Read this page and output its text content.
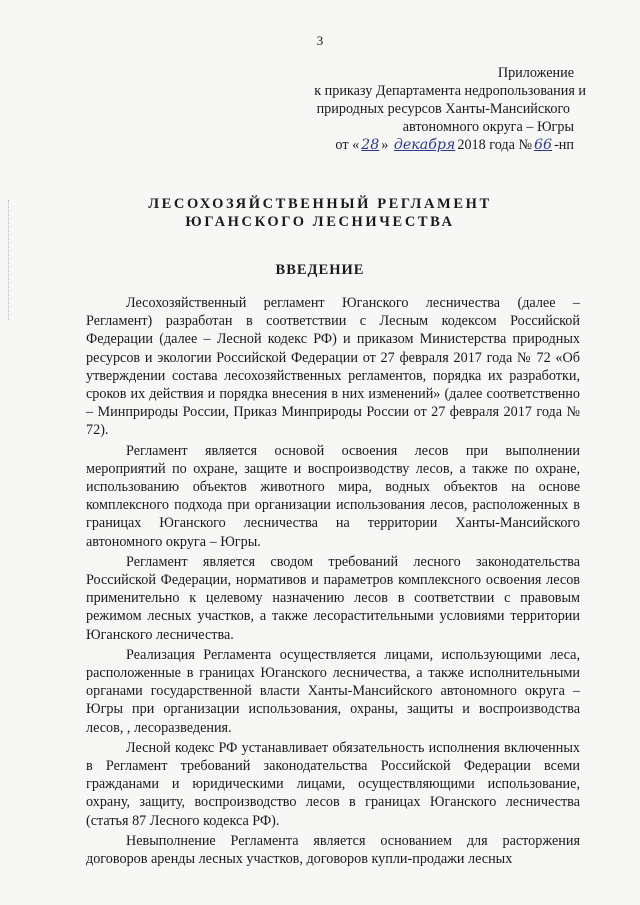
3
Приложение
к приказу Департамента недропользования и
природных ресурсов Ханты-Мансийского
автономного округа – Югры
от « 28 » декабря 2018 года № 66 -нп
ЛЕСОХОЗЯЙСТВЕННЫЙ РЕГЛАМЕНТ
ЮГАНСКОГО ЛЕСНИЧЕСТВА
ВВЕДЕНИЕ

Лесохозяйственный регламент Юганского лесничества (далее – Регламент) разработан в соответствии с Лесным кодексом Российской Федерации (далее – Лесной кодекс РФ) и приказом Министерства природных ресурсов и экологии Российской Федерации от 27 февраля 2017 года № 72 «Об утверждении состава лесохозяйственных регламентов, порядка их разработки, сроков их действия и порядка внесения в них изменений» (далее соответственно – Минприроды России, Приказ Минприроды России от 27 февраля 2017 года № 72).

Регламент является основой освоения лесов при выполнении мероприятий по охране, защите и воспроизводству лесов, а также по охране, использованию объектов животного мира, водных объектов на основе комплексного подхода при организации использования лесов, расположенных в границах Юганского лесничества на территории Ханты-Мансийского автономного округа – Югры.

Регламент является сводом требований лесного законодательства Российской Федерации, нормативов и параметров комплексного освоения лесов применительно к целевому назначению лесов в соответствии с правовым режимом лесных участков, а также лесорастительными условиями территории Юганского лесничества.

Реализация Регламента осуществляется лицами, использующими леса, расположенные в границах Юганского лесничества, а также исполнительными органами государственной власти Ханты-Мансийского автономного округа – Югры при организации использования, охраны, защиты и воспроизводства лесов, , лесоразведения.

Лесной кодекс РФ устанавливает обязательность исполнения включенных в Регламент требований законодательства Российской Федерации всеми гражданами и юридическими лицами, осуществляющими использование, охрану, защиту, воспроизводство лесов в границах Юганского лесничества (статья 87 Лесного кодекса РФ).

Невыполнение Регламента является основанием для расторжения договоров аренды лесных участков, договоров купли-продажи лесных
